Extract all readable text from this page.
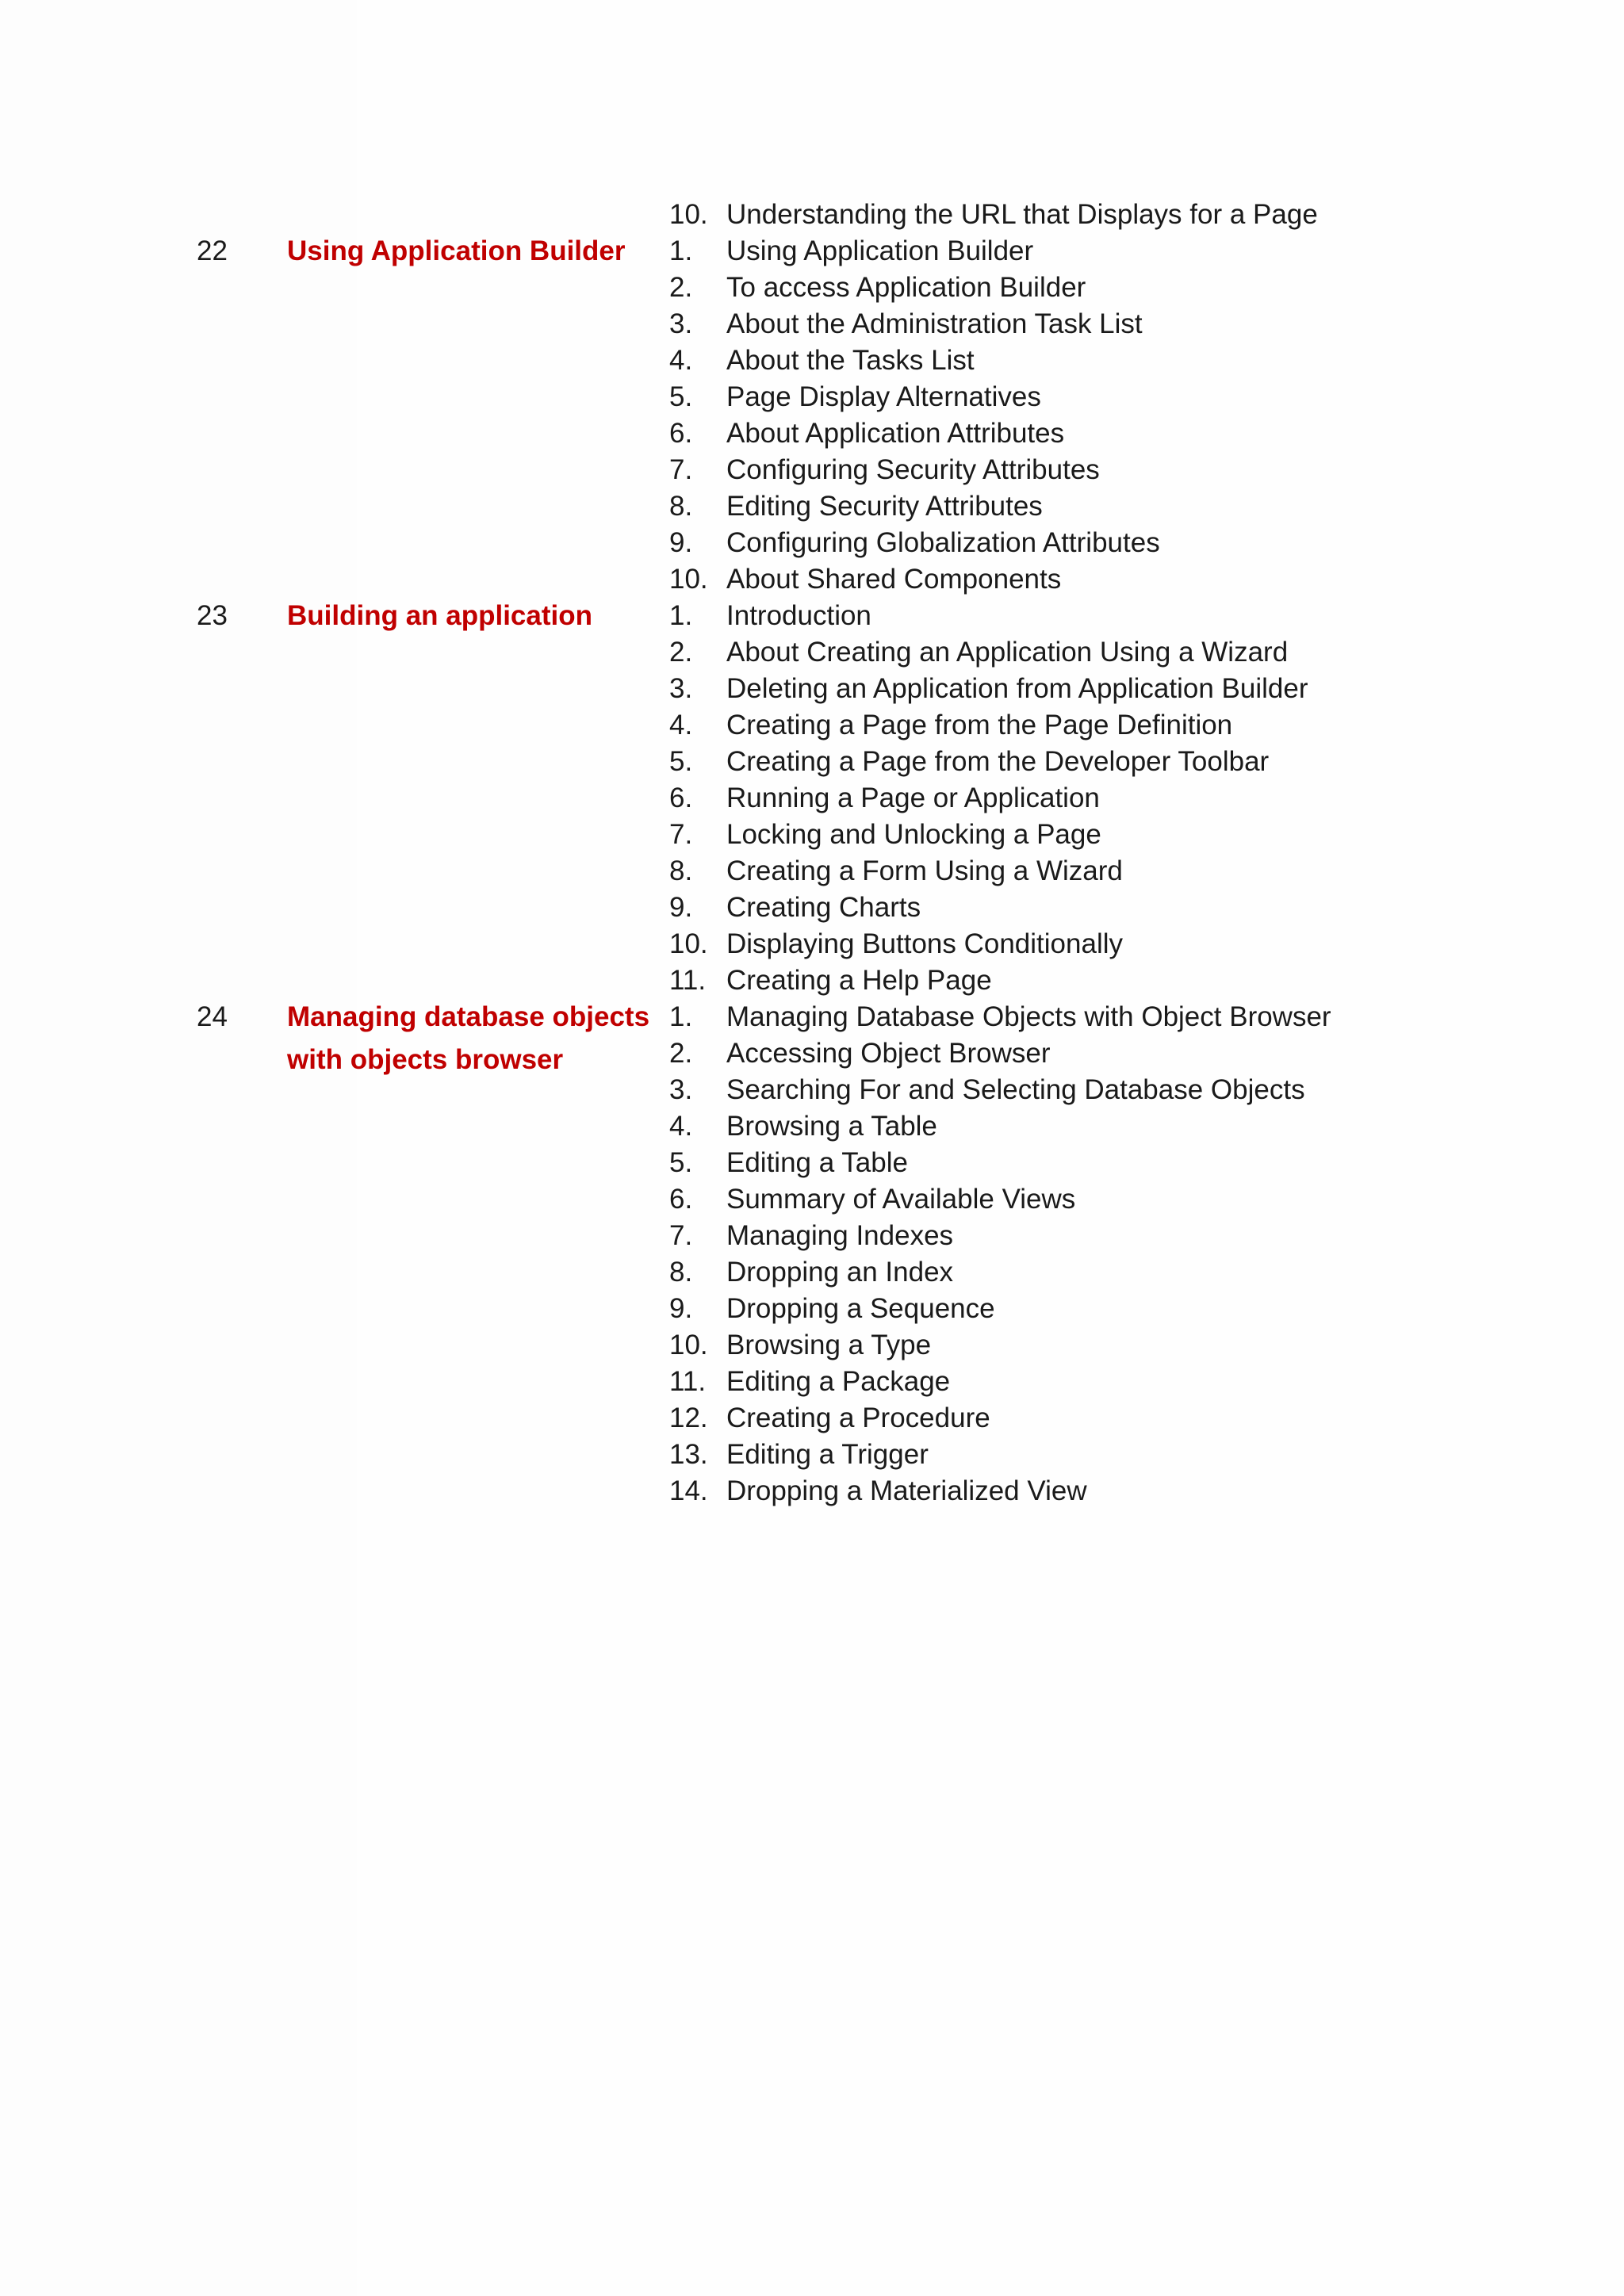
10. Understanding the URL that Displays for a Page
22 Using Application Builder	1. Using Application Builder
2. To access Application Builder
3. About the Administration Task List
4. About the Tasks List
5. Page Display Alternatives
6. About Application Attributes
7. Configuring Security Attributes
8. Editing Security Attributes
9. Configuring Globalization Attributes
10. About Shared Components
23 Building an application	1. Introduction
2. About Creating an Application Using a Wizard
3. Deleting an Application from Application Builder
4. Creating a Page from the Page Definition
5. Creating a Page from the Developer Toolbar
6. Running a Page or Application
7. Locking and Unlocking a Page
8. Creating a Form Using a Wizard
9. Creating Charts
10. Displaying Buttons Conditionally
11. Creating a Help Page
24 Managing database objects with objects browser
1. Managing Database Objects with Object Browser
2. Accessing Object Browser
3. Searching For and Selecting Database Objects
4. Browsing a Table
5. Editing a Table
6. Summary of Available Views
7. Managing Indexes
8. Dropping an Index
9. Dropping a Sequence
10. Browsing a Type
11. Editing a Package
12. Creating a Procedure
13. Editing a Trigger
14. Dropping a Materialized View
